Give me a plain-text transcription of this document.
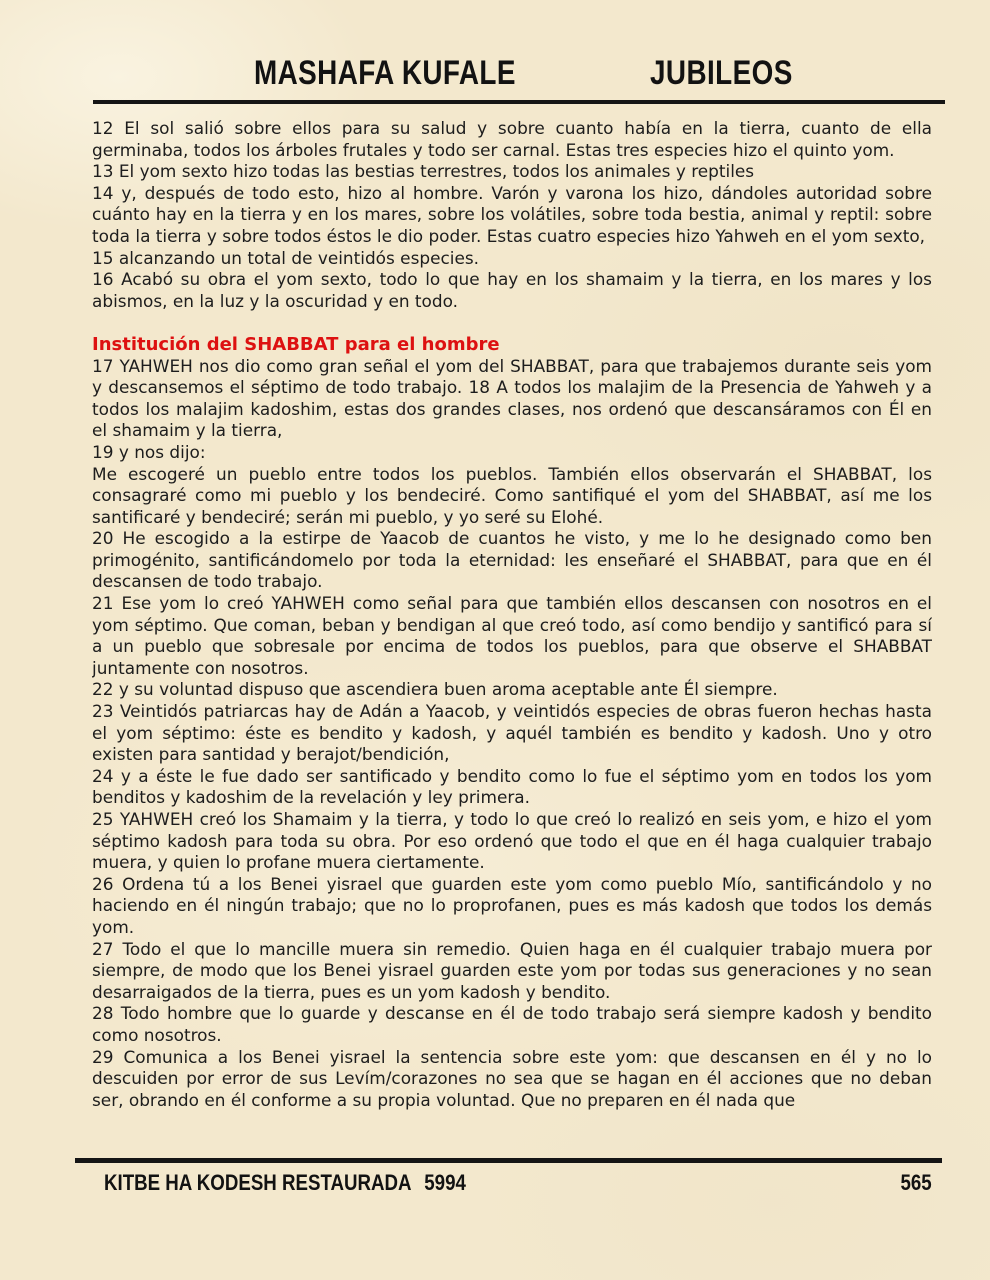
MASHAFA KUFALE	JUBILEOS

12 El sol salió sobre ellos para su salud y sobre cuanto había en la tierra, cuanto de ella germinaba, todos los árboles frutales y todo ser carnal. Estas tres especies hizo el quinto yom.

13 El yom sexto hizo todas las bestias terrestres, todos los animales y reptiles

14 y, después de todo esto, hizo al hombre. Varón y varona los hizo, dándoles autoridad sobre cuánto hay en la tierra y en los mares, sobre los volátiles, sobre toda bestia, animal y reptil: sobre toda la tierra y sobre todos éstos le dio poder. Estas cuatro especies hizo Yahweh en el yom sexto,

15 alcanzando un total de veintidós especies.

16 Acabó su obra el yom sexto, todo lo que hay en los shamaim y la tierra, en los mares y los abismos, en la luz y la oscuridad y en todo.

Institución del SHABBAT para el hombre

17 YAHWEH nos dio como gran señal el yom del SHABBAT, para que trabajemos durante seis yom y descansemos el séptimo de todo trabajo. 18 A todos los malajim de la Presencia de Yahweh y a todos los malajim kadoshim, estas dos grandes clases, nos ordenó que descansáramos con Él en el shamaim y la tierra,

19 y nos dijo:

Me escogeré un pueblo entre todos los pueblos. También ellos observarán el SHABBAT, los consagraré como mi pueblo y los bendeciré. Como santifiqué el yom del SHABBAT, así me los santificaré y bendeciré; serán mi pueblo, y yo seré su Elohé.

20 He escogido a la estirpe de Yaacob de cuantos he visto, y me lo he designado como ben primogénito, santificándomelo por toda la eternidad: les enseñaré el SHABBAT, para que en él descansen de todo trabajo.

21 Ese yom lo creó YAHWEH como señal para que también ellos descansen con nosotros en el yom séptimo. Que coman, beban y bendigan al que creó todo, así como bendijo y santificó para sí a un pueblo que sobresale por encima de todos los pueblos, para que observe el SHABBAT juntamente con nosotros.

22 y su voluntad dispuso que ascendiera buen aroma aceptable ante Él siempre.

23 Veintidós patriarcas hay de Adán a Yaacob, y veintidós especies de obras fueron hechas hasta el yom séptimo: éste es bendito y kadosh, y aquél también es bendito y kadosh. Uno y otro existen para santidad y berajot/bendición,

24 y a éste le fue dado ser santificado y bendito como lo fue el séptimo yom en todos los yom benditos y kadoshim de la revelación y ley primera.

25 YAHWEH creó los Shamaim y la tierra, y todo lo que creó lo realizó en seis yom, e hizo el yom séptimo kadosh para toda su obra. Por eso ordenó que todo el que en él haga cualquier trabajo muera, y quien lo profane muera ciertamente.

26 Ordena tú a los Benei yisrael que guarden este yom como pueblo Mío, santificándolo y no haciendo en él ningún trabajo; que no lo proprofanen, pues es más kadosh que todos los demás yom.

27 Todo el que lo mancille muera sin remedio. Quien haga en él cualquier trabajo muera por siempre, de modo que los Benei yisrael guarden este yom por todas sus generaciones y no sean desarraigados de la tierra, pues es un yom kadosh y bendito.

28 Todo hombre que lo guarde y descanse en él de todo trabajo será siempre kadosh y bendito como nosotros.

29 Comunica a los Benei yisrael la sentencia sobre este yom: que descansen en él y no lo descuiden por error de sus Levím/corazones no sea que se hagan en él acciones que no deban ser, obrando en él conforme a su propia voluntad. Que no preparen en él nada que

KITBE HA KODESH RESTAURADA 5994	565
